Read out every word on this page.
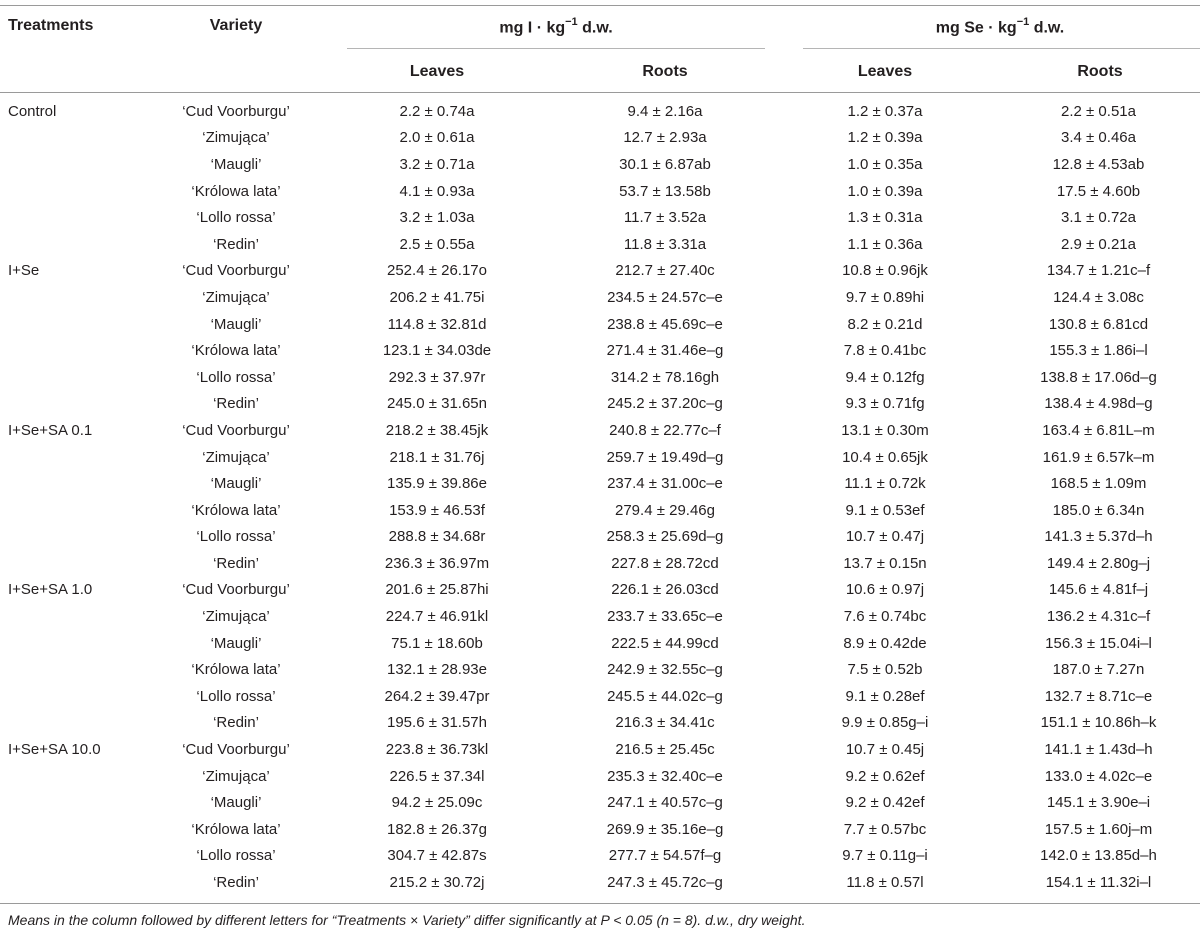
Treatments	Variety	mg $I \cdot kg^{-1}$ d.w.	mg $Se \cdot kg^{-1}$ d.w.
Leaves	Roots	Leaves	Roots
Control	‘Cud Voorburgu’	2.2 ± 0.74a	9.4 ± 2.16a	1.2 ± 0.37a	2.2 ± 0.51a
	‘Zimująca’	2.0 ± 0.61a	12.7 ± 2.93a	1.2 ± 0.39a	3.4 ± 0.46a
	‘Maugli’	3.2 ± 0.71a	30.1 ± 6.87ab	1.0 ± 0.35a	12.8 ± 4.53ab
	‘Królowa lata’	4.1 ± 0.93a	53.7 ± 13.58b	1.0 ± 0.39a	17.5 ± 4.60b
	‘Lollo rossa’	3.2 ± 1.03a	11.7 ± 3.52a	1.3 ± 0.31a	3.1 ± 0.72a
	‘Redin’	2.5 ± 0.55a	11.8 ± 3.31a	1.1 ± 0.36a	2.9 ± 0.21a
I+Se	‘Cud Voorburgu’	252.4 ± 26.17o	212.7 ± 27.40c	10.8 ± 0.96jk	134.7 ± 1.21c–f
	‘Zimująca’	206.2 ± 41.75i	234.5 ± 24.57c–e	9.7 ± 0.89hi	124.4 ± 3.08c
	‘Maugli’	114.8 ± 32.81d	238.8 ± 45.69c–e	8.2 ± 0.21d	130.8 ± 6.81cd
	‘Królowa lata’	123.1 ± 34.03de	271.4 ± 31.46e–g	7.8 ± 0.41bc	155.3 ± 1.86i–l
	‘Lollo rossa’	292.3 ± 37.97r	314.2 ± 78.16gh	9.4 ± 0.12fg	138.8 ± 17.06d–g
	‘Redin’	245.0 ± 31.65n	245.2 ± 37.20c–g	9.3 ± 0.71fg	138.4 ± 4.98d–g
I+Se+SA 0.1	‘Cud Voorburgu’	218.2 ± 38.45jk	240.8 ± 22.77c–f	13.1 ± 0.30m	163.4 ± 6.81L–m
	‘Zimująca’	218.1 ± 31.76j	259.7 ± 19.49d–g	10.4 ± 0.65jk	161.9 ± 6.57k–m
	‘Maugli’	135.9 ± 39.86e	237.4 ± 31.00c–e	11.1 ± 0.72k	168.5 ± 1.09m
	‘Królowa lata’	153.9 ± 46.53f	279.4 ± 29.46g	9.1 ± 0.53ef	185.0 ± 6.34n
	‘Lollo rossa’	288.8 ± 34.68r	258.3 ± 25.69d–g	10.7 ± 0.47j	141.3 ± 5.37d–h
	‘Redin’	236.3 ± 36.97m	227.8 ± 28.72cd	13.7 ± 0.15n	149.4 ± 2.80g–j
I+Se+SA 1.0	‘Cud Voorburgu’	201.6 ± 25.87hi	226.1 ± 26.03cd	10.6 ± 0.97j	145.6 ± 4.81f–j
	‘Zimująca’	224.7 ± 46.91kl	233.7 ± 33.65c–e	7.6 ± 0.74bc	136.2 ± 4.31c–f
	‘Maugli’	75.1 ± 18.60b	222.5 ± 44.99cd	8.9 ± 0.42de	156.3 ± 15.04i–l
	‘Królowa lata’	132.1 ± 28.93e	242.9 ± 32.55c–g	7.5 ± 0.52b	187.0 ± 7.27n
	‘Lollo rossa’	264.2 ± 39.47pr	245.5 ± 44.02c–g	9.1 ± 0.28ef	132.7 ± 8.71c–e
	‘Redin’	195.6 ± 31.57h	216.3 ± 34.41c	9.9 ± 0.85g–i	151.1 ± 10.86h–k
I+Se+SA 10.0	‘Cud Voorburgu’	223.8 ± 36.73kl	216.5 ± 25.45c	10.7 ± 0.45j	141.1 ± 1.43d–h
	‘Zimująca’	226.5 ± 37.34l	235.3 ± 32.40c–e	9.2 ± 0.62ef	133.0 ± 4.02c–e
	‘Maugli’	94.2 ± 25.09c	247.1 ± 40.57c–g	9.2 ± 0.42ef	145.1 ± 3.90e–i
	‘Królowa lata’	182.8 ± 26.37g	269.9 ± 35.16e–g	7.7 ± 0.57bc	157.5 ± 1.60j–m
	‘Lollo rossa’	304.7 ± 42.87s	277.7 ± 54.57f–g	9.7 ± 0.11g–i	142.0 ± 13.85d–h
	‘Redin’	215.2 ± 30.72j	247.3 ± 45.72c–g	11.8 ± 0.57l	154.1 ± 11.32i–l
Means in the column followed by different letters for “Treatments × Variety” differ significantly at P < 0.05 (n = 8). d.w., dry weight.
